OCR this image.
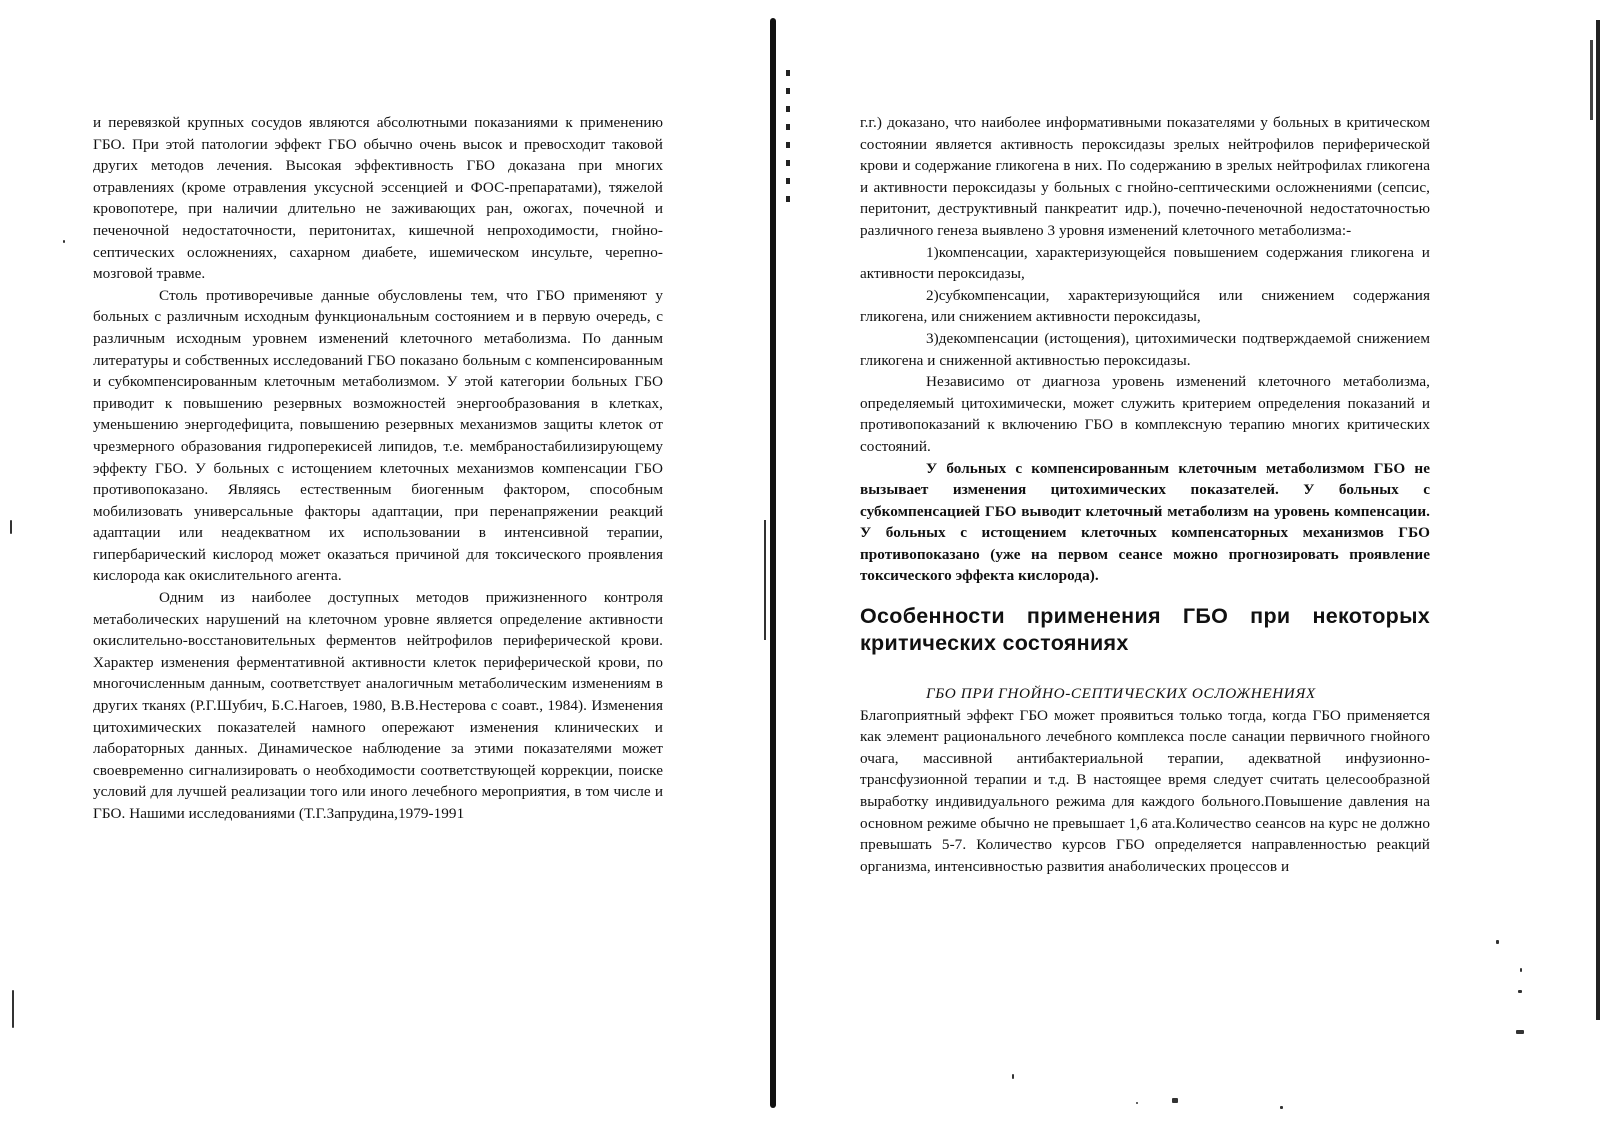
и перевязкой крупных сосудов являются абсолютными показаниями к применению ГБО. При этой патологии эффект ГБО обычно очень высок и превосходит таковой других методов лечения. Высокая эффективность ГБО доказана при многих отравлениях (кроме отравления уксусной эссенцией и ФОС-препаратами), тяжелой кровопотере, при наличии длительно не заживающих ран, ожогах, почечной и печеночной недостаточности, перитонитах, кишечной непроходимости, гнойно-септических осложнениях, сахарном диабете, ишемическом инсульте, черепно-мозговой травме.

Столь противоречивые данные обусловлены тем, что ГБО применяют у больных с различным исходным функциональным состоянием и в первую очередь, с различным исходным уровнем изменений клеточного метаболизма. По данным литературы и собственных исследований ГБО показано больным с компенсированным и субкомпенсированным клеточным метаболизмом. У этой категории больных ГБО приводит к повышению резервных возможностей энергообразования в клетках, уменьшению энергодефицита, повышению резервных механизмов защиты клеток от чрезмерного образования гидроперекисей липидов, т.е. мембраностабилизирующему эффекту ГБО. У больных с истощением клеточных механизмов компенсации ГБО противопоказано. Являясь естественным биогенным фактором, способным мобилизовать универсальные факторы адаптации, при перенапряжении реакций адаптации или неадекватном их использовании в интенсивной терапии, гипербарический кислород может оказаться причиной для токсического проявления кислорода как окислительного агента.

Одним из наиболее доступных методов прижизненного контроля метаболических нарушений на клеточном уровне является определение активности окислительно-восстановительных ферментов нейтрофилов периферической крови. Характер изменения ферментативной активности клеток периферической крови, по многочисленным данным, соответствует аналогичным метаболическим изменениям в других тканях (Р.Г.Шубич, Б.С.Нагоев, 1980, В.В.Нестерова с соавт., 1984). Изменения цитохимических показателей намного опережают изменения клинических и лабораторных данных. Динамическое наблюдение за этими показателями может своевременно сигнализировать о необходимости соответствующей коррекции, поиске условий для лучшей реализации того или иного лечебного мероприятия, в том числе и ГБО. Нашими исследованиями (Т.Г.Запрудина,1979-1991

г.г.) доказано, что наиболее информативными показателями у больных в критическом состоянии является активность пероксидазы зрелых нейтрофилов периферической крови и содержание гликогена в них. По содержанию в зрелых нейтрофилах гликогена и активности пероксидазы у больных с гнойно-септическими осложнениями (сепсис, перитонит, деструктивный панкреатит идр.), почечно-печеночной недостаточностью различного генеза выявлено 3 уровня изменений клеточного метаболизма:-

1)компенсации, характеризующейся повышением содержания гликогена и активности пероксидазы,

2)субкомпенсации, характеризующийся или снижением содержания гликогена, или снижением активности пероксидазы,

3)декомпенсации (истощения), цитохимически подтверждаемой снижением гликогена и сниженной активностью пероксидазы.

Независимо от диагноза уровень изменений клеточного метаболизма, определяемый цитохимически, может служить критерием определения показаний и противопоказаний к включению ГБО в комплексную терапию многих критических состояний.

У больных с компенсированным клеточным метаболизмом ГБО не вызывает изменения цитохимических показателей. У больных с субкомпенсацией ГБО выводит клеточный метаболизм на уровень компенсации. У больных с истощением клеточных компенсаторных механизмов ГБО противопоказано (уже на первом сеансе можно прогнозировать проявление токсического эффекта кислорода).

Особенности применения ГБО при некоторых критических состояниях

ГБО ПРИ ГНОЙНО-СЕПТИЧЕСКИХ ОСЛОЖНЕНИЯХ

Благоприятный эффект ГБО может проявиться только тогда, когда ГБО применяется как элемент рационального лечебного комплекса после санации первичного гнойного очага, массивной антибактериальной терапии, адекватной инфузионно-трансфузионной терапии и т.д. В настоящее время следует считать целесообразной выработку индивидуального режима для каждого больного.Повышение давления на основном режиме обычно не превышает 1,6 ата.Количество сеансов на курс не должно превышать 5-7. Количество курсов ГБО определяется направленностью реакций организма, интенсивностью развития анаболических процессов и
